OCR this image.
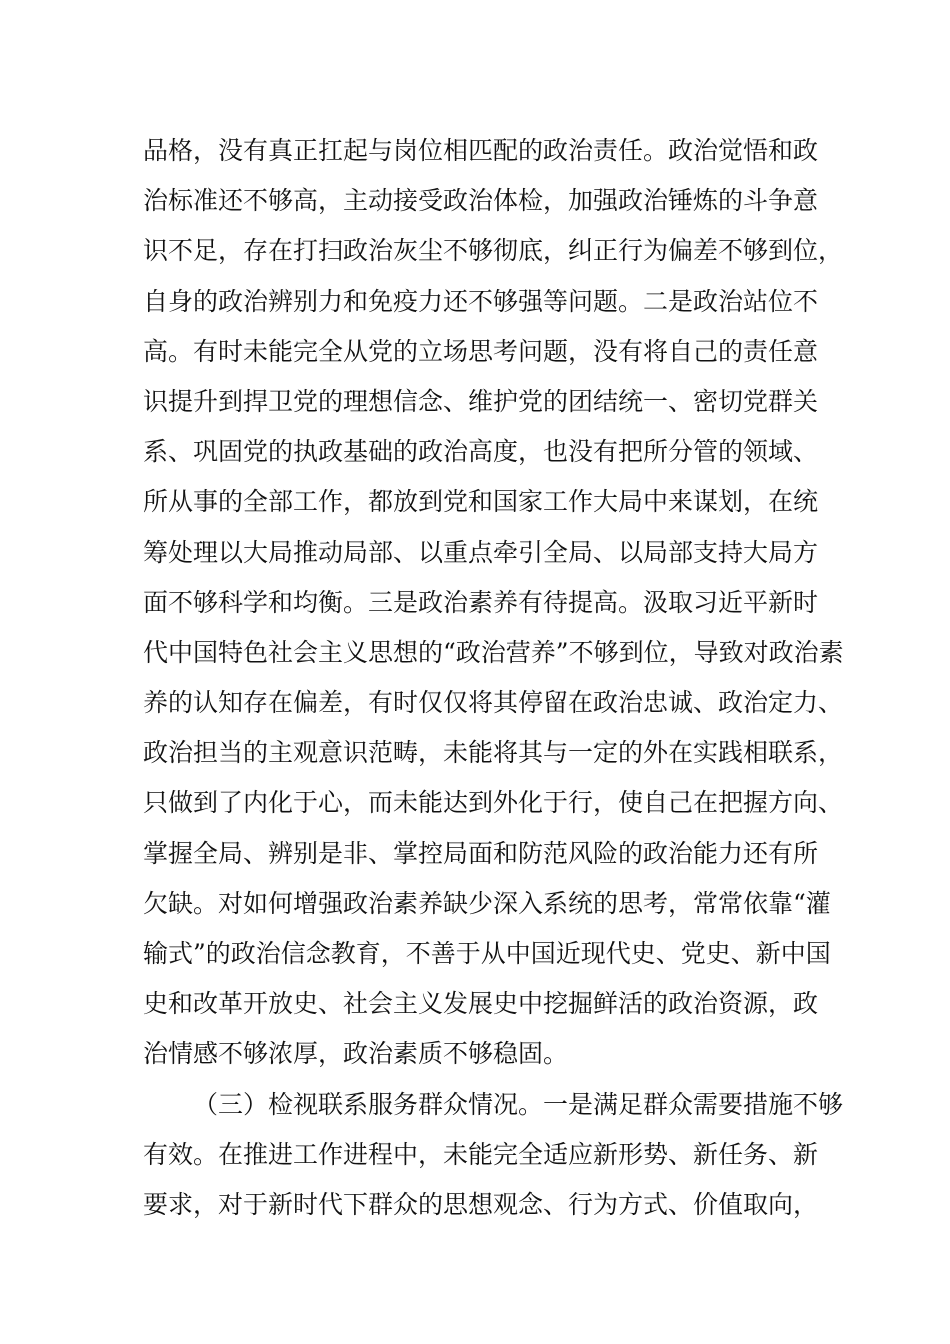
品格，没有真正扛起与岗位相匹配的政治责任。政治觉悟和政
治标准还不够高，主动接受政治体检，加强政治锤炼的斗争意
识不足，存在打扫政治灰尘不够彻底，纠正行为偏差不够到位，
自身的政治辨别力和免疫力还不够强等问题。二是政治站位不
高。有时未能完全从党的立场思考问题，没有将自己的责任意
识提升到捍卫党的理想信念、维护党的团结统一、密切党群关
系、巩固党的执政基础的政治高度，也没有把所分管的领域、
所从事的全部工作，都放到党和国家工作大局中来谋划，在统
筹处理以大局推动局部、以重点牵引全局、以局部支持大局方
面不够科学和均衡。三是政治素养有待提高。汲取习近平新时
代中国特色社会主义思想的“政治营养”不够到位，导致对政治素
养的认知存在偏差，有时仅仅将其停留在政治忠诚、政治定力、
政治担当的主观意识范畴，未能将其与一定的外在实践相联系，
只做到了内化于心，而未能达到外化于行，使自己在把握方向、
掌握全局、辨别是非、掌控局面和防范风险的政治能力还有所
欠缺。对如何增强政治素养缺少深入系统的思考，常常依靠“灌
输式”的政治信念教育，不善于从中国近现代史、党史、新中国
史和改革开放史、社会主义发展史中挖掘鲜活的政治资源，政
治情感不够浓厚，政治素质不够稳固。
（三）检视联系服务群众情况。一是满足群众需要措施不够
有效。在推进工作进程中，未能完全适应新形势、新任务、新
要求，对于新时代下群众的思想观念、行为方式、价值取向，
